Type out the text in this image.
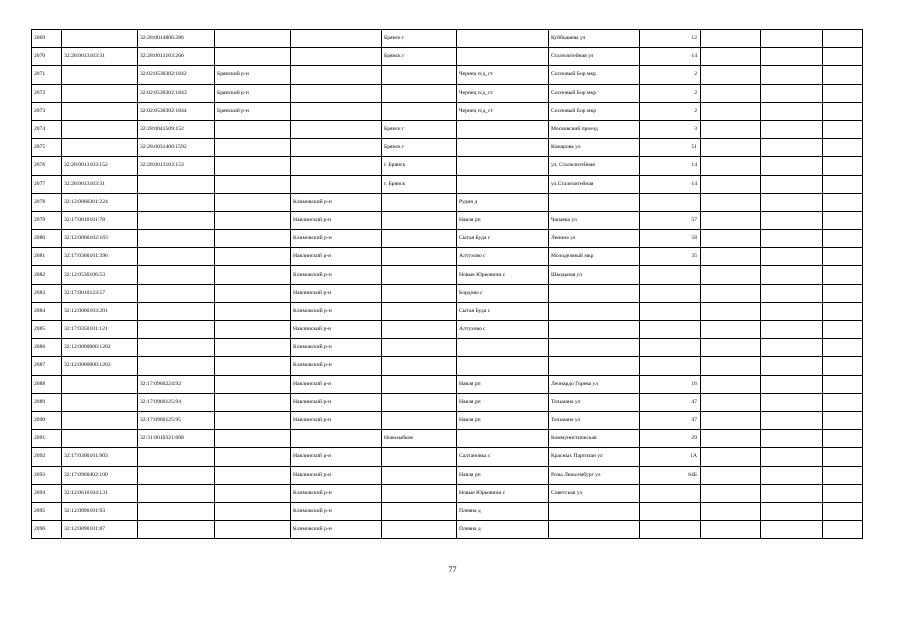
2069		32:28:0014806:286			Брянск г		Куйбышева ул	12			
2070	32:28:0013103:31	32:28:0013103:266			Брянск г		Сталелитейная ул	14			
2071		32:02:0530302:1842	Брянский р-н			Чернец п/д_ст	Сосновый Бор мкр	2			
2072		32:02:0530302:1843	Брянский р-н			Чернец п/д_ст	Сосновый Бор мкр	2			
2073		32:02:0530302:1844	Брянский р-н			Чернец п/д_ст	Сосновый Бор мкр	2			
2074		32:28:0041509:152			Брянск г		Московский проезд	3			
2075		32:28:0031406:1592			Брянск г		Комарова ул	51			
2076	32:28:0013103:152	32:28:0013103:153			г. Брянск		ул. Сталелитейная	14			
2077	32:28:0013103:31				г. Брянск		ул.Сталелитейная	14			
2078	32:12:0060301:224			Климовский р-н		Рудня д					
2079	32:17:0010101:78			Навлинский р-н		Навля рп	Чапаева ул	57			
2080	32:12:0060102:163			Климовский р-н		Сытая Буда с	Ленина ул	58			
2081	32:17:0360101:396			Навлинский р-н		Алтухово с	Молодежный мкр	35			
2082	32:12:0530106:53			Климовский р-н		Новые Юрковичи с	Шкодьная ул				
2083	32:17:0010123:57			Навлинский р-н		Бордово с					
2084	32:12:0060103:201			Климовский р-н		Сытая Буда с					
2085	32:17:0350101:121			Навлинский р-н		Алтухово с					
2086	32:12:0000000:1202			Климовский р-н							
2087	32:12:0000000:1203			Климовский р-н							
2088		32:17:0960224:92		Навлинский р-н		Навля рп	Леонардо Горева ул	16			
2089		32:17:0960125:94		Навлинский р-н		Навля рп	Тельмана ул	47			
2090		32:17:0960125:95		Навлинский р-н		Навля рп	Тельмана ул	47			
2091		32:31:0010321:608			Новозыбков		Коммунистическая	29			
2092	32:17:0300101:903			Навлинский р-н		Салтановка с	Красных Партизан ул	1А			
2093	32:17:0960402:100			Навлинский р-н		Навля рп	Розы Люксембург ул	64Б			
2094	32:12:0610104:131			Климовский р-н		Новые Юрковичи с	Советская ул				
2095	32:12:0090101:93			Климовский р-н		Плевна д					
2096	32:12:0090101:87			Климовский р-н		Плевна д					
77
